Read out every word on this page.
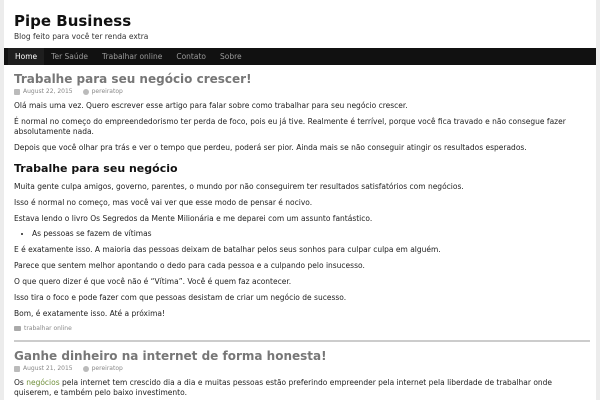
Pipe Business
Blog feito para você ter renda extra
Home	Ter Saúde	Trabalhar online	Contato	Sobre
Trabalhe para seu negócio crescer!
August 22, 2015	pereiratop

Olá mais uma vez. Quero escrever esse artigo para falar sobre como trabalhar para seu negócio crescer.

É normal no começo do empreendedorismo ter perda de foco, pois eu já tive. Realmente é terrível, porque você fica travado e não consegue fazer absolutamente nada.

Depois que você olhar pra trás e ver o tempo que perdeu, poderá ser pior. Ainda mais se não conseguir atingir os resultados esperados.

Trabalhe para seu negócio

Muita gente culpa amigos, governo, parentes, o mundo por não conseguirem ter resultados satisfatórios com negócios.

Isso é normal no começo, mas você vai ver que esse modo de pensar é nocivo.

Estava lendo o livro Os Segredos da Mente Milionária e me deparei com um assunto fantástico.

• As pessoas se fazem de vítimas

E é exatamente isso. A maioria das pessoas deixam de batalhar pelos seus sonhos para culpar culpa em alguém.

Parece que sentem melhor apontando o dedo para cada pessoa e a culpando pelo insucesso.

O que quero dizer é que você não é “Vítima”. Você é quem faz acontecer.

Isso tira o foco e pode fazer com que pessoas desistam de criar um negócio de sucesso.

Bom, é exatamente isso. Até a próxima!

trabalhar online
Ganhe dinheiro na internet de forma honesta!
August 21, 2015	pereiratop

Os negócios pela internet tem crescido dia a dia e muitas pessoas estão preferindo empreender pela internet pela liberdade de trabalhar onde quiserem, e também pelo baixo investimento.
